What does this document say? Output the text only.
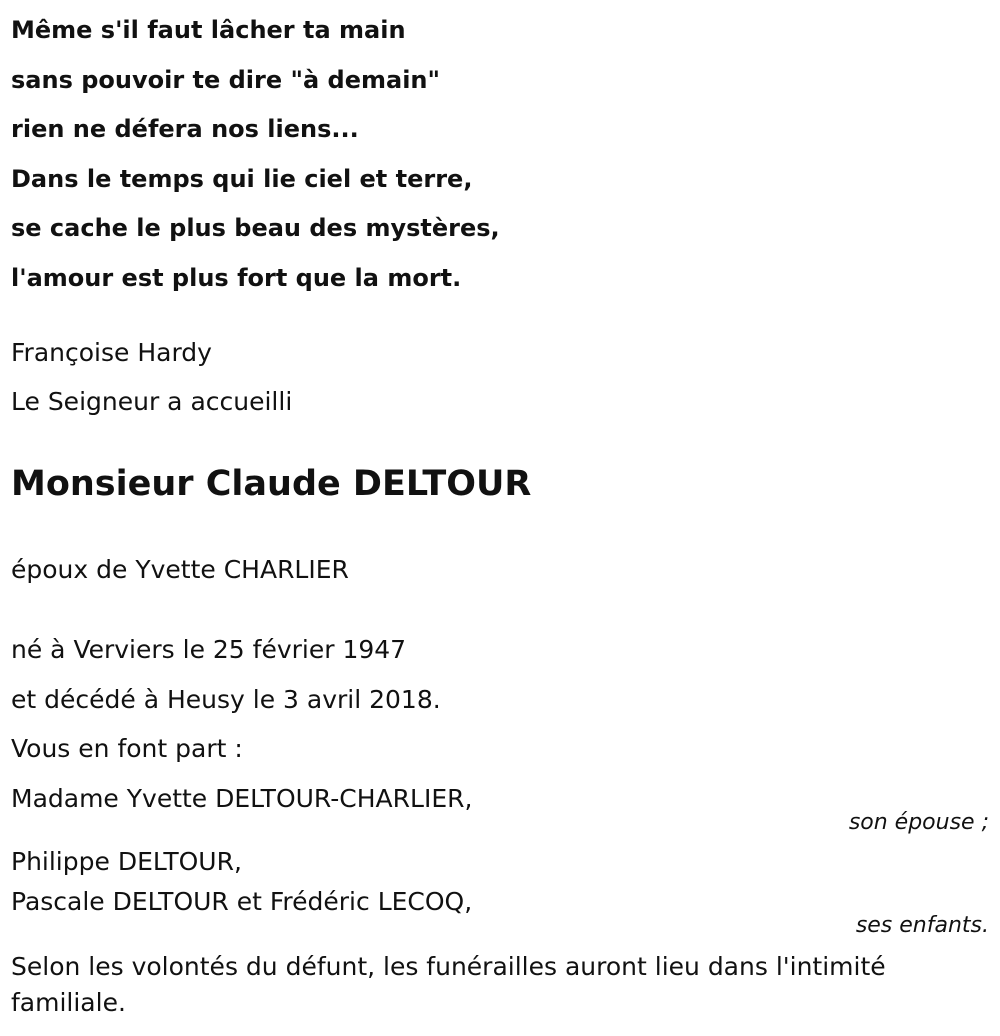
Même s'il faut lâcher ta main
sans pouvoir te dire "à demain"
rien ne défera nos liens...
Dans le temps qui lie ciel et terre,
se cache le plus beau des mystères,
l'amour est plus fort que la mort.

Françoise Hardy

Le Seigneur a accueilli

Monsieur Claude DELTOUR

époux de Yvette CHARLIER

né à Verviers le 25 février 1947

et décédé à Heusy le 3 avril 2018.

Vous en font part :

Madame Yvette DELTOUR-CHARLIER,

son épouse ;

Philippe DELTOUR,

Pascale DELTOUR et Frédéric LECOQ,

ses enfants.

Selon les volontés du défunt, les funérailles auront lieu dans l'intimité familiale.
